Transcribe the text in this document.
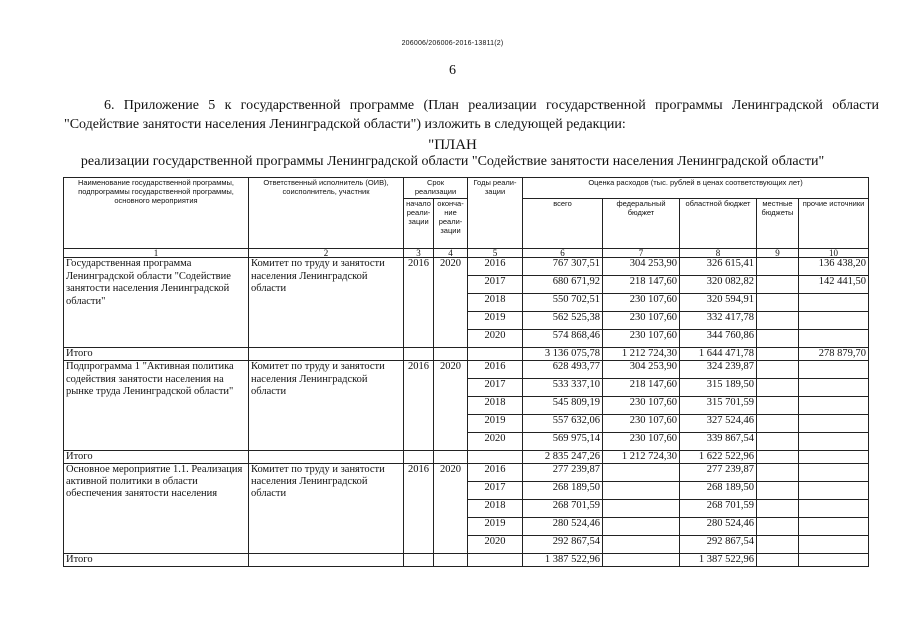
206006/206006-2016-13811(2)
6
6. Приложение 5 к государственной программе (План реализации государственной программы Ленинградской области "Содействие занятости населения Ленинградской области") изложить в следующей редакции:
"ПЛАН
реализации государственной программы Ленинградской области "Содействие занятости населения Ленинградской области"
Наименование государственной программы, подпрограммы государственной программы, основного мероприятия	Ответственный исполнитель (ОИВ), соисполнитель, участник	Срок реализации		Годы реали-зации	Оценка расходов (тыс. рублей в ценах соответствующих лет)				
		начало реали-зации	оконча-ние реали-зации		всего	федеральный бюджет	областной бюджет	местные бюджеты	прочие источники
1	2	3	4	5	6	7	8	9	10
Государственная программа Ленинградской области "Содействие занятости населения Ленинградской области"	Комитет по труду и занятости населения Ленинградской области	2016	2020	2016	767 307,51	304 253,90	326 615,41		136 438,20
				2017	680 671,92	218 147,60	320 082,82		142 441,50
				2018	550 702,51	230 107,60	320 594,91		
				2019	562 525,38	230 107,60	332 417,78		
				2020	574 868,46	230 107,60	344 760,86		
Итого					3 136 075,78	1 212 724,30	1 644 471,78		278 879,70
Подпрограмма 1 "Активная политика содействия занятости населения на рынке труда Ленинградской области"	Комитет по труду и занятости населения Ленинградской области	2016	2020	2016	628 493,77	304 253,90	324 239,87		
				2017	533 337,10	218 147,60	315 189,50		
				2018	545 809,19	230 107,60	315 701,59		
				2019	557 632,06	230 107,60	327 524,46		
				2020	569 975,14	230 107,60	339 867,54		
Итого					2 835 247,26	1 212 724,30	1 622 522,96		
Основное мероприятие 1.1. Реализация активной политики в области обеспечения занятости населения	Комитет по труду и занятости населения Ленинградской области	2016	2020	2016	277 239,87		277 239,87		
				2017	268 189,50		268 189,50		
				2018	268 701,59		268 701,59		
				2019	280 524,46		280 524,46		
				2020	292 867,54		292 867,54		
Итого					1 387 522,96		1 387 522,96		
